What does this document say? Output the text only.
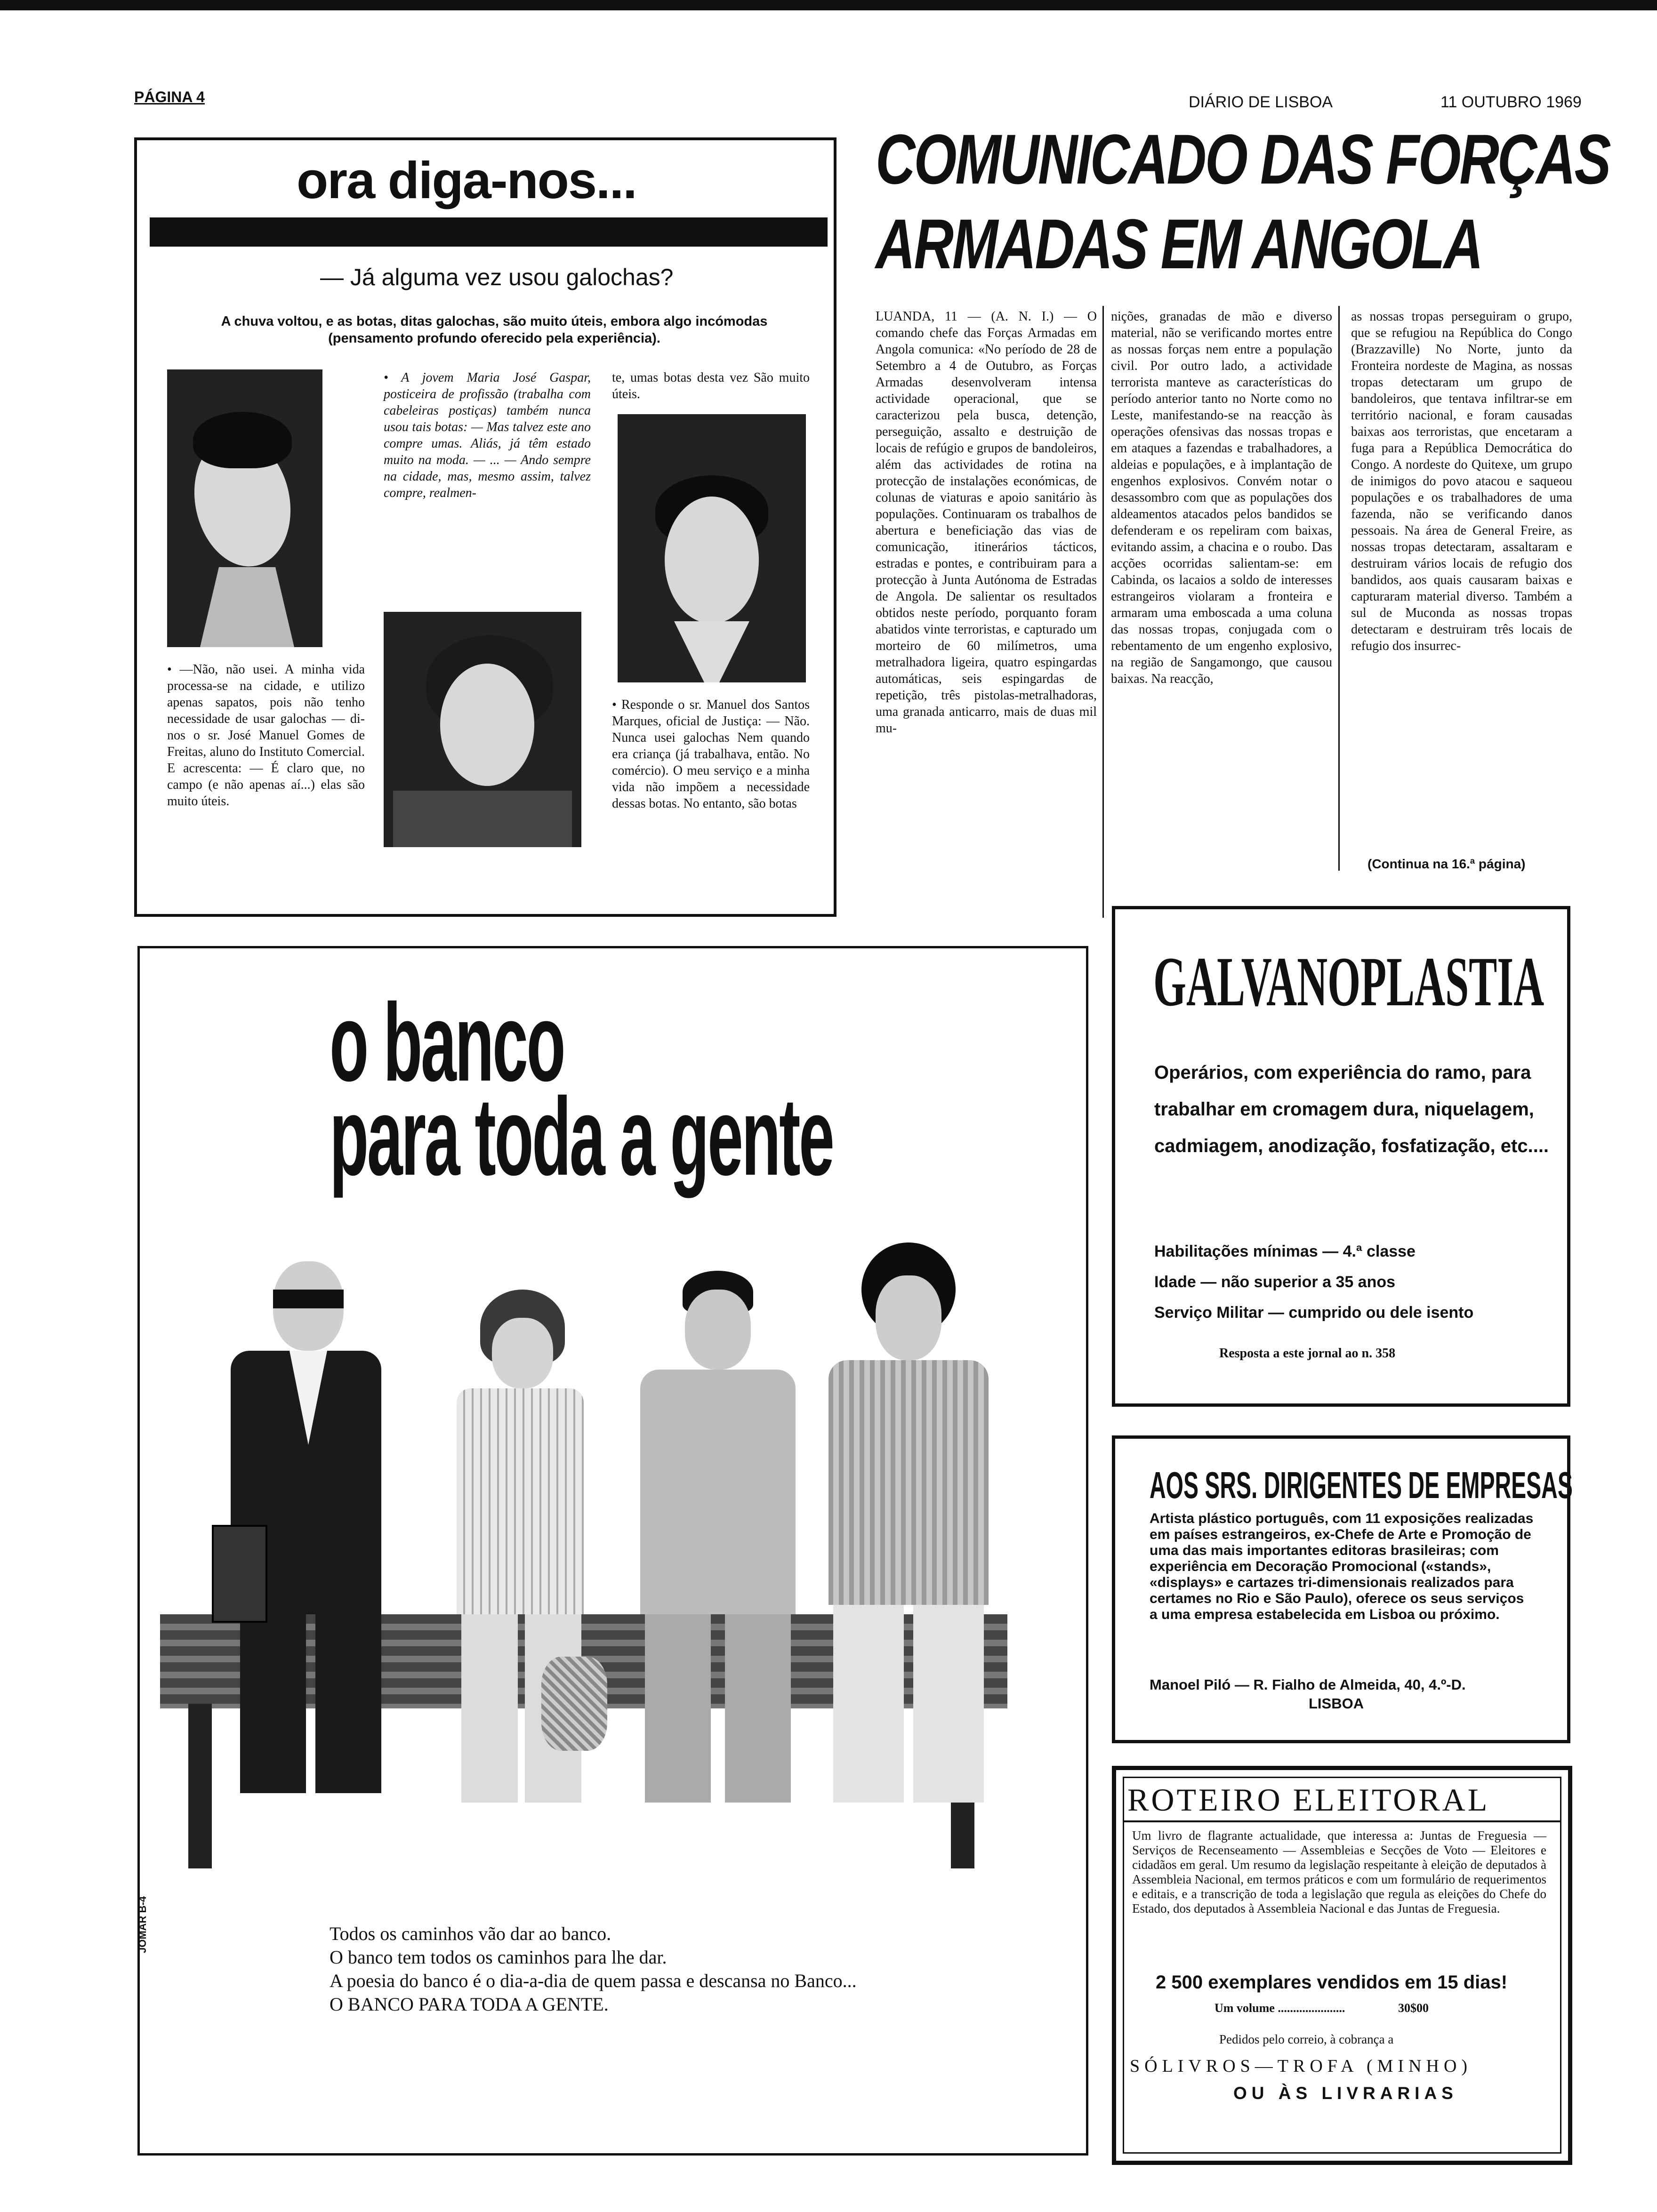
PÁGINA 4	DIÁRIO DE LISBOA	11 OUTUBRO 1969
ora diga-nos...
— Já alguma vez usou galochas?
A chuva voltou, e as botas, ditas galochas, são muito úteis, embora algo incómodas (pensamento profundo oferecido pela experiência).
• —Não, não usei. A minha vida processa-se na cidade, e utilizo apenas sapatos, pois não tenho necessidade de usar galochas — di-nos o sr. José Manuel Gomes de Freitas, aluno do Instituto Comercial. E acrescenta: — É claro que, no campo (e não apenas aí...) elas são muito úteis.
• A jovem Maria José Gaspar, posticeira de profissão (trabalha com cabeleiras postiças) também nunca usou tais botas: — Mas talvez este ano compre umas. Aliás, já têm estado muito na moda. — ... — Ando sempre na cidade, mas, mesmo assim, talvez compre, realmen-
te, umas botas desta vez São muito úteis.
• Responde o sr. Manuel dos Santos Marques, oficial de Justiça: — Não. Nunca usei galochas Nem quando era criança (já trabalhava, então. No comércio). O meu serviço e a minha vida não impõem a necessidade dessas botas. No entanto, são botas
COMUNICADO DAS FORÇAS
ARMADAS EM ANGOLA
LUANDA, 11 — (A. N. I.) — O comando chefe das Forças Armadas em Angola comunica: «No período de 28 de Setembro a 4 de Outubro, as Forças Armadas desenvolveram intensa actividade operacional, que se caracterizou pela busca, detenção, perseguição, assalto e destruição de locais de refúgio e grupos de bandoleiros, além das actividades de rotina na protecção de instalações económicas, de colunas de viaturas e apoio sanitário às populações. Continuaram os trabalhos de abertura e beneficiação das vias de comunicação, itinerários tácticos, estradas e pontes, e contribuiram para a protecção à Junta Autónoma de Estradas de Angola. De salientar os resultados obtidos neste período, porquanto foram abatidos vinte terroristas, e capturado um morteiro de 60 milímetros, uma metralhadora ligeira, quatro espingardas automáticas, seis espingardas de repetição, três pistolas-metralhadoras, uma granada anticarro, mais de duas mil mu-
nições, granadas de mão e diverso material, não se verificando mortes entre as nossas forças nem entre a população civil. Por outro lado, a actividade terrorista manteve as características do período anterior tanto no Norte como no Leste, manifestando-se na reacção às operações ofensivas das nossas tropas e em ataques a fazendas e trabalhadores, a aldeias e populações, e à implantação de engenhos explosivos. Convém notar o desassombro com que as populações dos aldeamentos atacados pelos bandidos se defenderam e os repeliram com baixas, evitando assim, a chacina e o roubo. Das acções ocorridas salientam-se: em Cabinda, os lacaios a soldo de interesses estrangeiros violaram a fronteira e armaram uma emboscada a uma coluna das nossas tropas, conjugada com o rebentamento de um engenho explosivo, na região de Sangamongo, que causou baixas. Na reacção,
as nossas tropas perseguiram o grupo, que se refugiou na República do Congo (Brazzaville) No Norte, junto da Fronteira nordeste de Magina, as nossas tropas detectaram um grupo de bandoleiros, que tentava infiltrar-se em território nacional, e foram causadas baixas aos terroristas, que encetaram a fuga para a República Democrática do Congo. A nordeste do Quitexe, um grupo de inimigos do povo atacou e saqueou populações e os trabalhadores de uma fazenda, não se verificando danos pessoais. Na área de General Freire, as nossas tropas detectaram, assaltaram e destruiram vários locais de refugio dos bandidos, aos quais causaram baixas e capturaram material diverso. Também a sul de Muconda as nossas tropas detectaram e destruiram três locais de refugio dos insurrec-
(Continua na 16.ª página)
o banco
para toda a gente
Todos os caminhos vão dar ao banco.
O banco tem todos os caminhos para lhe dar.
A poesia do banco é o dia-a-dia de quem passa e descansa no Banco...
O BANCO PARA TODA A GENTE.
JOMAR B-4
GALVANOPLASTIA
Operários, com experiência do ramo, para trabalhar em cromagem dura, niquelagem, cadmiagem, anodização, fosfatização, etc....
Habilitações mínimas — 4.ª classe
Idade — não superior a 35 anos
Serviço Militar — cumprido ou dele isento
Resposta a este jornal ao n. 358
AOS SRS. DIRIGENTES DE EMPRESAS
Artista plástico português, com 11 exposições realizadas em países estrangeiros, ex-Chefe de Arte e Promoção de uma das mais importantes editoras brasileiras; com experiência em Decoração Promocional («stands», «displays» e cartazes tri-dimensionais realizados para certames no Rio e São Paulo), oferece os seus serviços a uma empresa estabelecida em Lisboa ou próximo.
Manoel Piló — R. Fialho de Almeida, 40, 4.º-D.
LISBOA
ROTEIRO ELEITORAL
Um livro de flagrante actualidade, que interessa a: Juntas de Freguesia — Serviços de Recenseamento — Assembleias e Secções de Voto — Eleitores e cidadãos em geral. Um resumo da legislação respeitante à eleição de deputados à Assembleia Nacional, em termos práticos e com um formulário de requerimentos e editais, e a transcrição de toda a legislação que regula as eleições do Chefe do Estado, dos deputados à Assembleia Nacional e das Juntas de Freguesia.
2 500 exemplares vendidos em 15 dias!
Um volume ......................	30$00
Pedidos pelo correio, à cobrança a
SÓLIVROS—TROFA (MINHO)
OU ÀS LIVRARIAS
